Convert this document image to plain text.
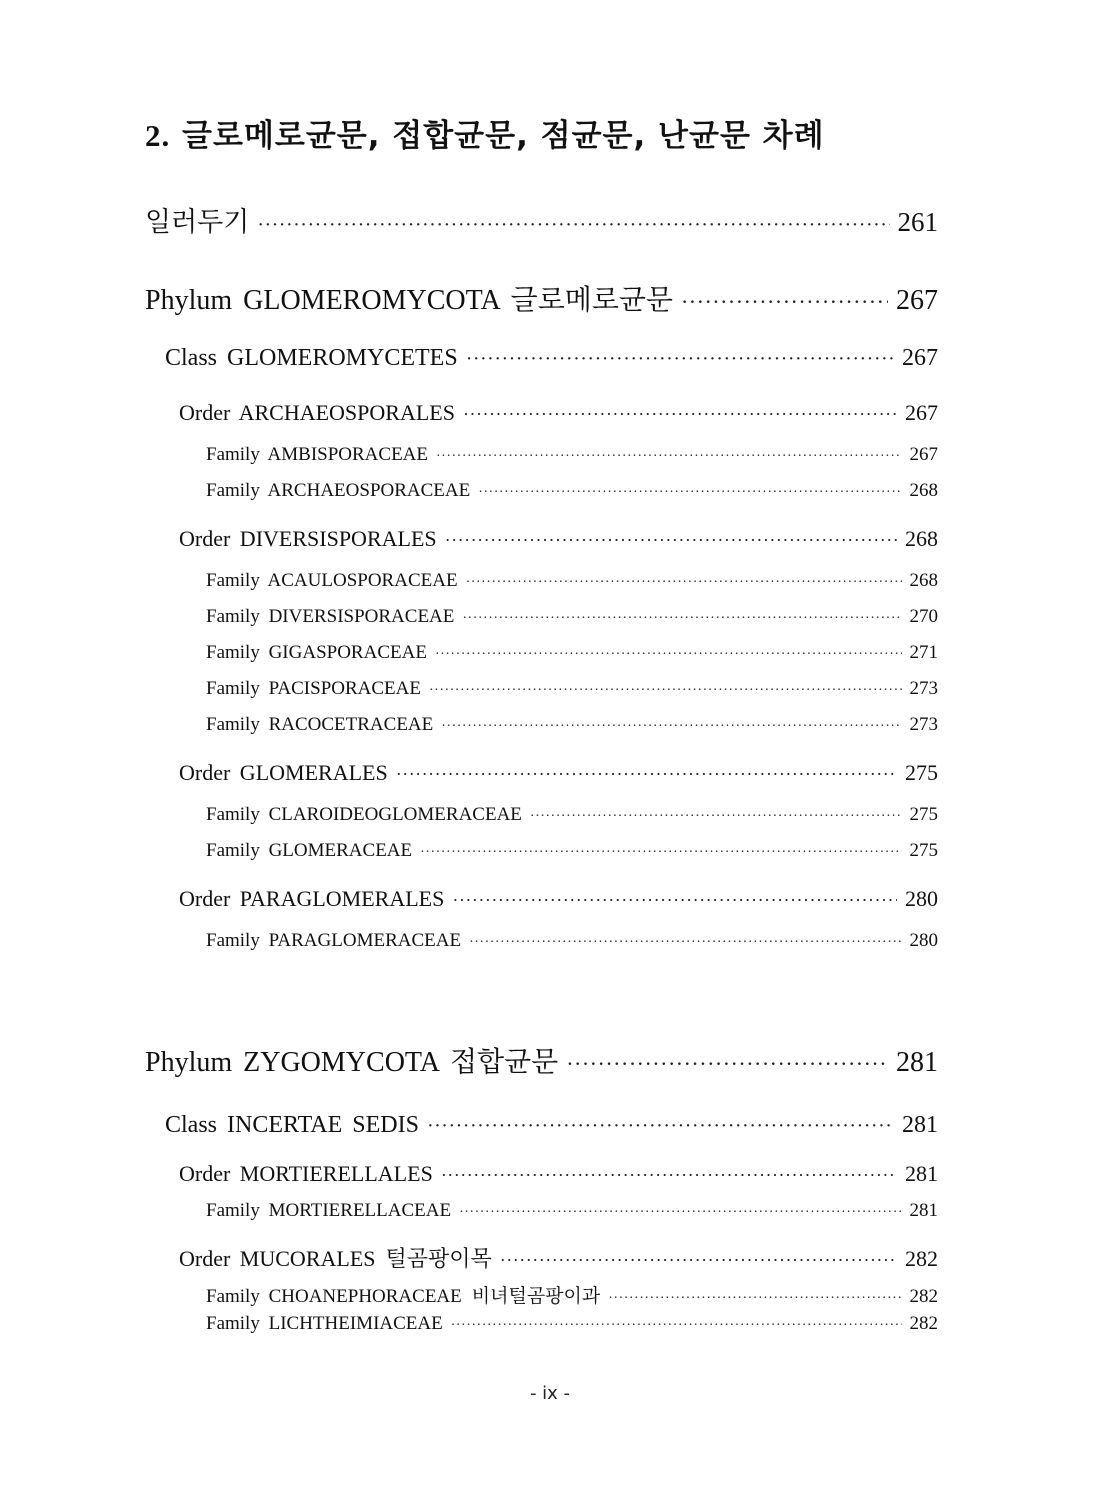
2. 글로메로균문, 접합균문, 점균문, 난균문 차례
일러두기 ·····	261
Phylum GLOMEROMYCOTA 글로메로균문 ·····	267
Class GLOMEROMYCETES ·····	267
Order ARCHAEOSPORALES ·····	267
Family AMBISPORACEAE ·····	267
Family ARCHAEOSPORACEAE ·····	268
Order DIVERSISPORALES ·····	268
Family ACAULOSPORACEAE ·····	268
Family DIVERSISPORACEAE ·····	270
Family GIGASPORACEAE ·····	271
Family PACISPORACEAE ·····	273
Family RACOCETRACEAE ·····	273
Order GLOMERALES ·····	275
Family CLAROIDEOGLOMERACEAE ·····	275
Family GLOMERACEAE ·····	275
Order PARAGLOMERALES ·····	280
Family PARAGLOMERACEAE ·····	280
Phylum ZYGOMYCOTA 접합균문 ·····	281
Class INCERTAE SEDIS ·····	281
Order MORTIERELLALES ·····	281
Family MORTIERELLACEAE ·····	281
Order MUCORALES 털곰팡이목 ·····	282
Family CHOANEPHORACEAE 비녀털곰팡이과 ·····	282
Family LICHTHEIMIACEAE ·····	282
- ix -
